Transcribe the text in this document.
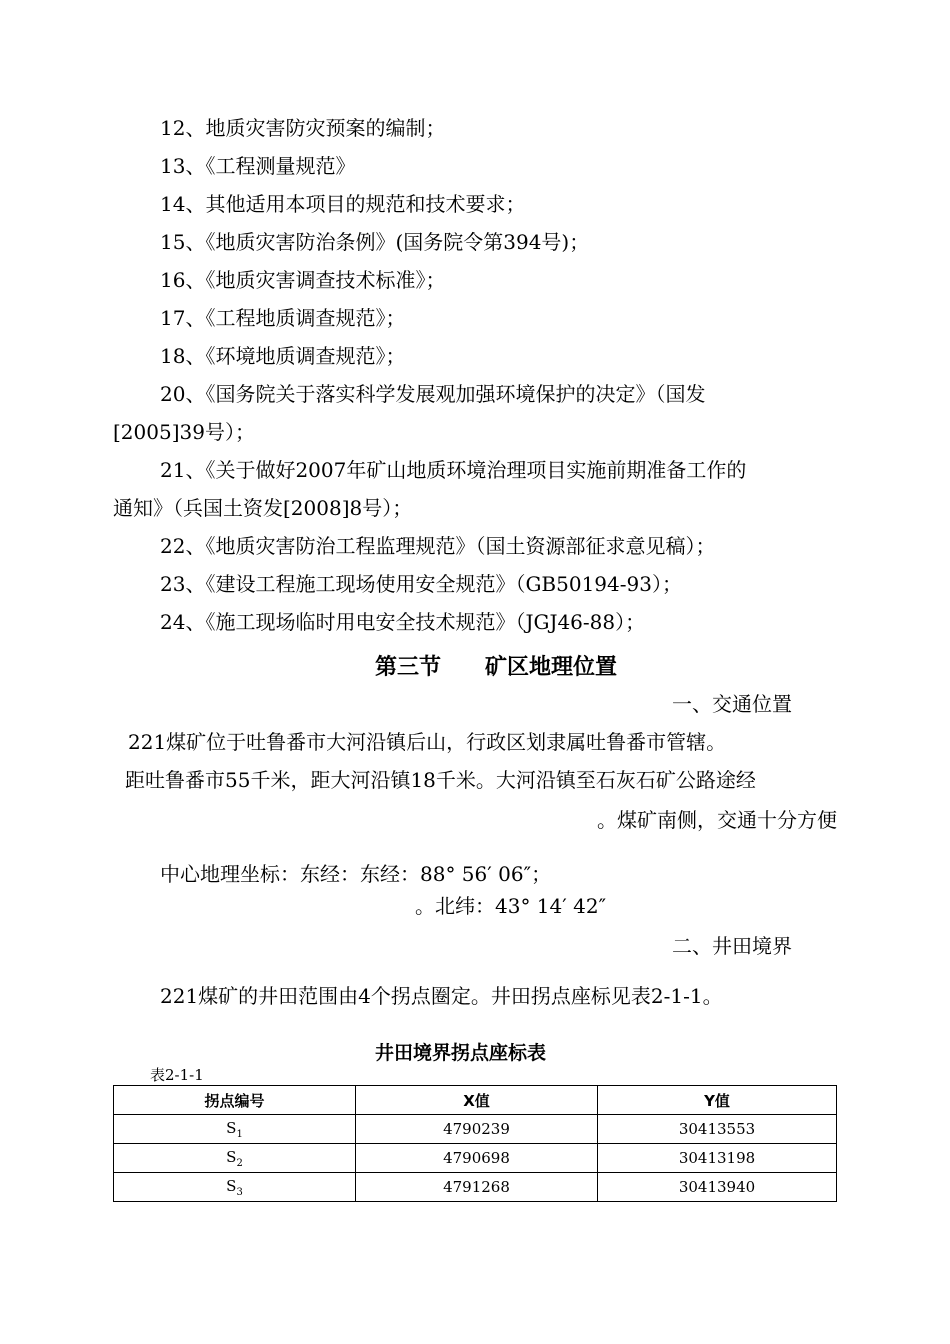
12、地质灾害防灾预案的编制；
13、《工程测量规范》
14、其他适用本项目的规范和技术要求；
15、《地质灾害防治条例》(国务院令第394号)；
16、《地质灾害调查技术标准》；
17、《工程地质调查规范》；
18、《环境地质调查规范》；
20、《国务院关于落实科学发展观加强环境保护的决定》（国发
[2005]39号）；
21、《关于做好2007年矿山地质环境治理项目实施前期准备工作的
通知》（兵国土资发[2008]8号）；
22、《地质灾害防治工程监理规范》（国土资源部征求意见稿）；
23、《建设工程施工现场使用安全规范》（GB50194-93）；
24、《施工现场临时用电安全技术规范》（JGJ46-88）；
第三节　　矿区地理位置
一、交通位置
221煤矿位于吐鲁番市大河沿镇后山，行政区划隶属吐鲁番市管辖。
距吐鲁番市55千米，距大河沿镇18千米。大河沿镇至石灰石矿公路途经
。煤矿南侧，交通十分方便
中心地理坐标：东经：东经：88° 56′ 06″；
。北纬：43° 14′ 42″
二、井田境界
221煤矿的井田范围由4个拐点圈定。井田拐点座标见表2-1-1。
井田境界拐点座标表
表2-1-1
拐点编号	X值	Y值
$S_1$	4790239	30413553
$S_2$	4790698	30413198
$S_3$	4791268	30413940
